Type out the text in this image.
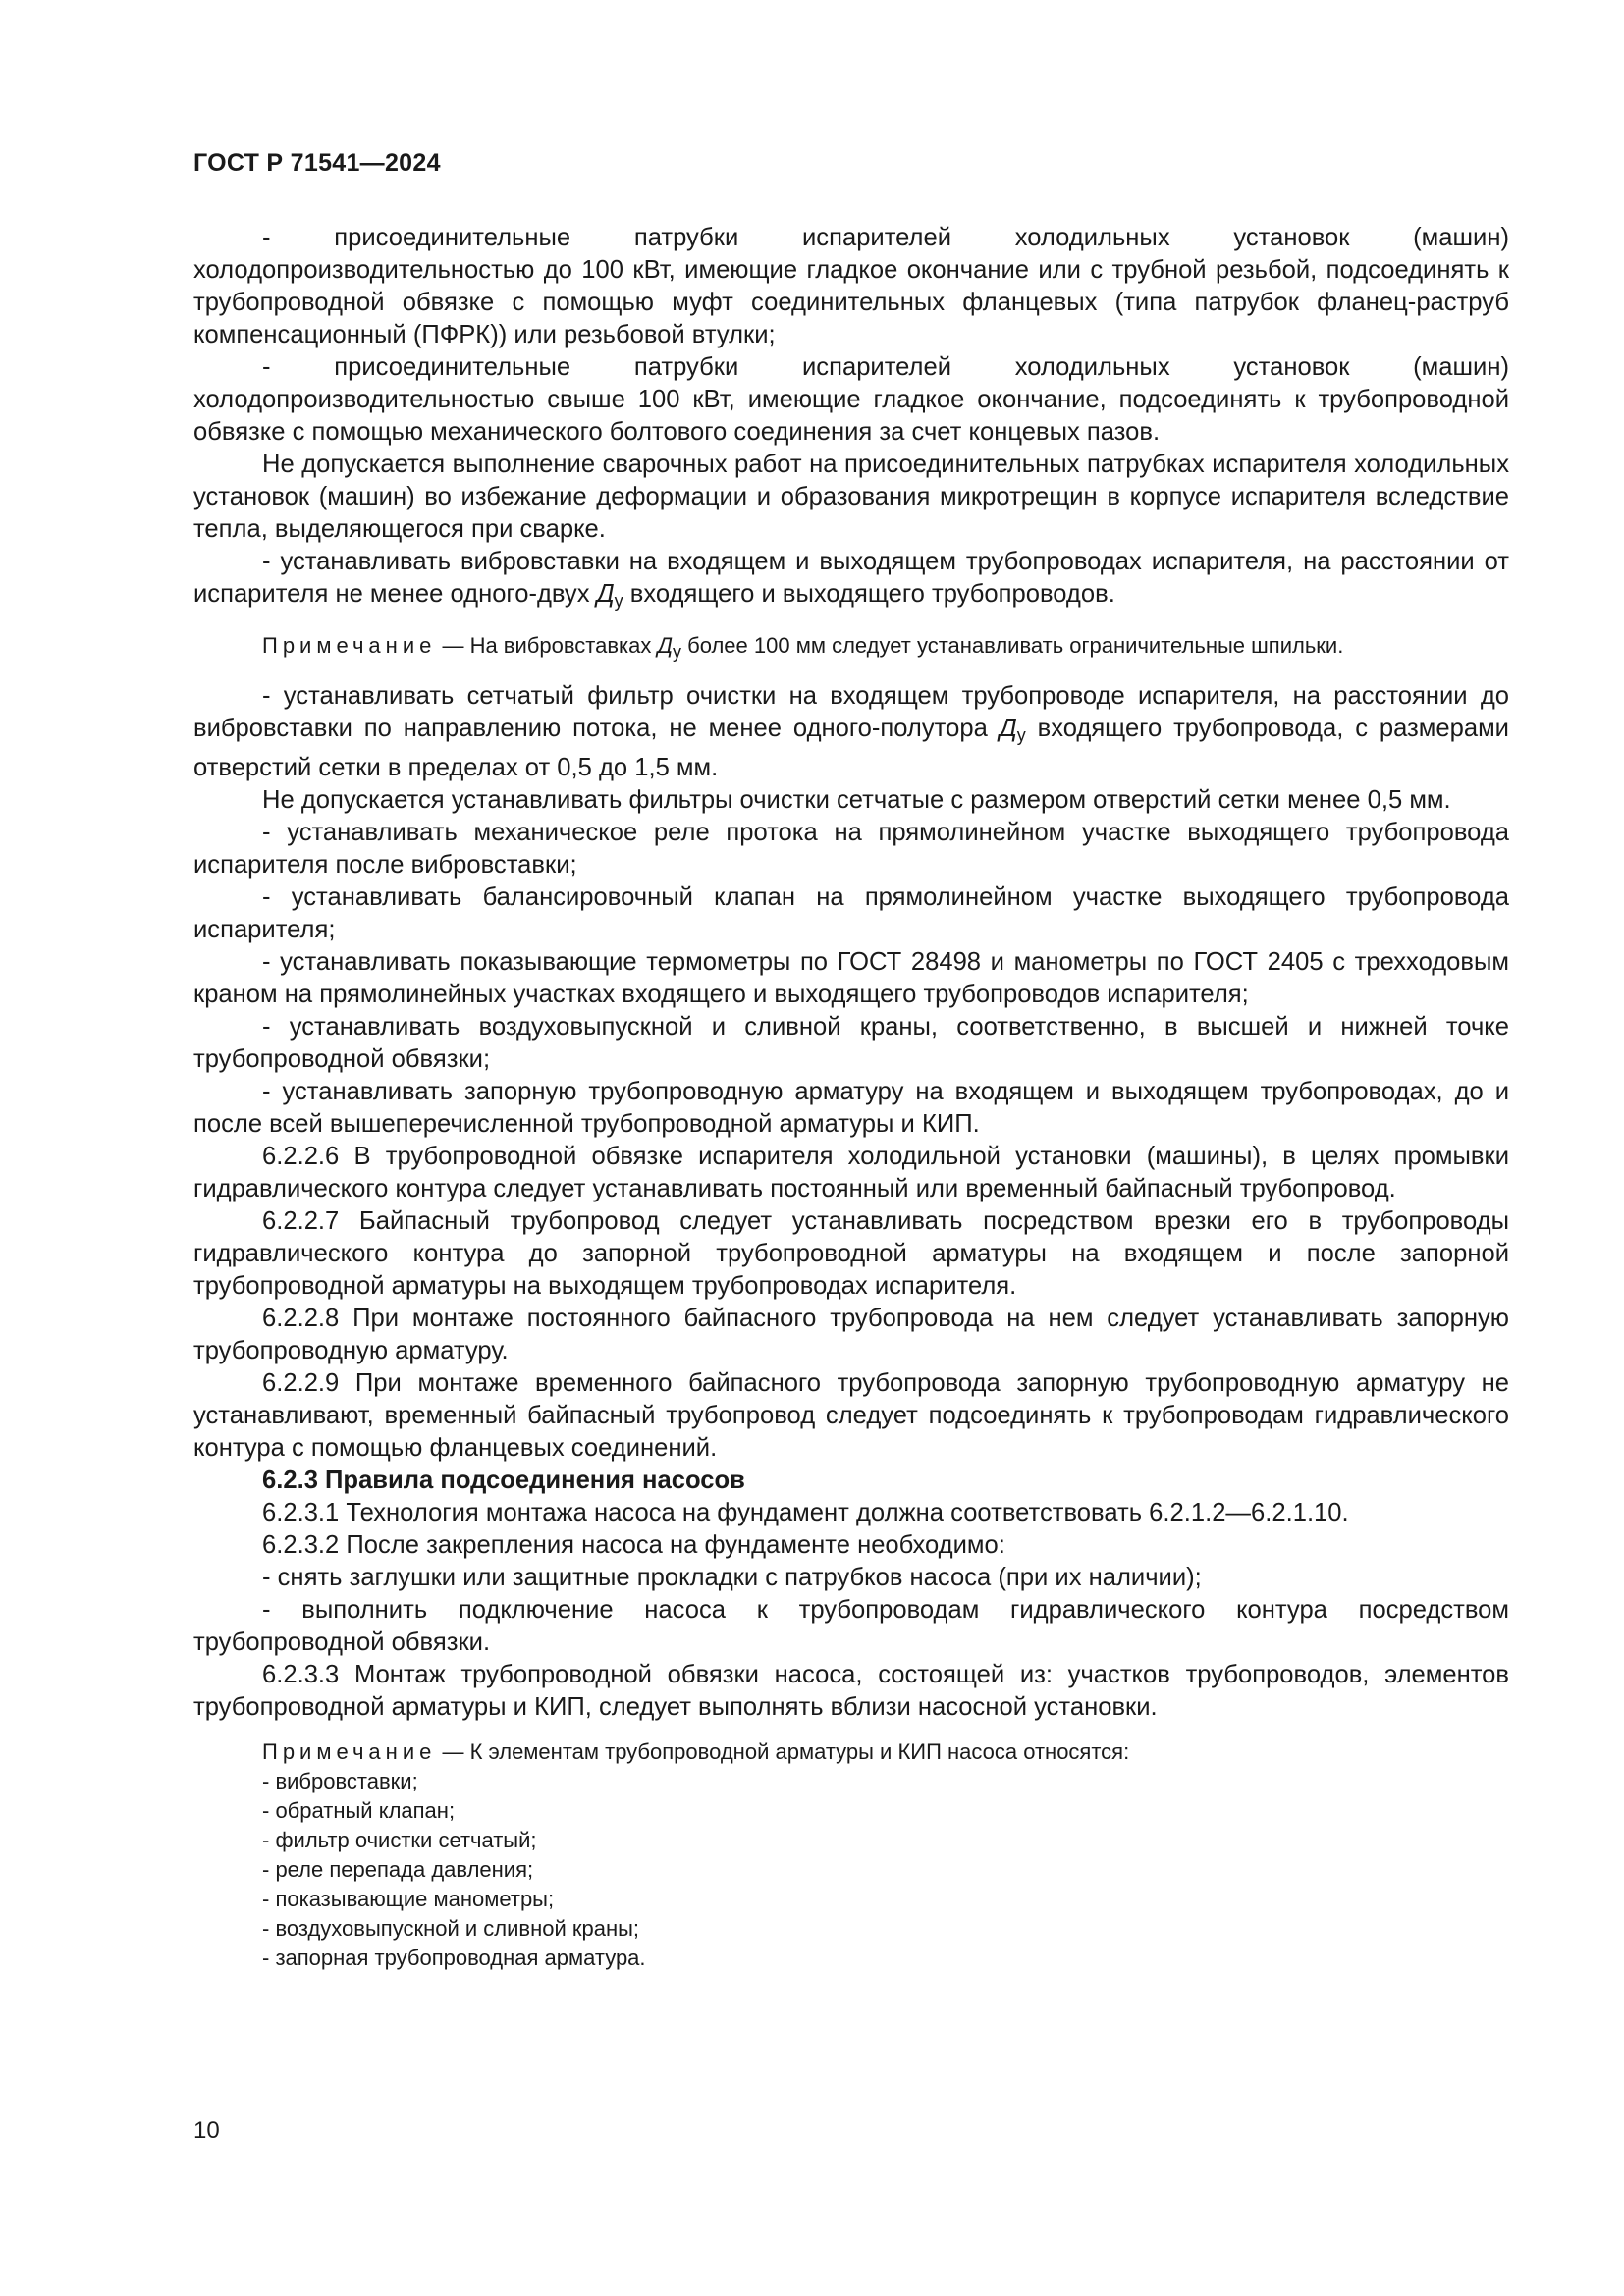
ГОСТ Р 71541—2024

- присоединительные патрубки испарителей холодильных установок (машин) холодопроизводительностью до 100 кВт, имеющие гладкое окончание или с трубной резьбой, подсоединять к трубопроводной обвязке с помощью муфт соединительных фланцевых (типа патрубок фланец-раструб компенсационный (ПФРК)) или резьбовой втулки;

- присоединительные патрубки испарителей холодильных установок (машин) холодопроизводительностью свыше 100 кВт, имеющие гладкое окончание, подсоединять к трубопроводной обвязке с помощью механического болтового соединения за счет концевых пазов.

Не допускается выполнение сварочных работ на присоединительных патрубках испарителя холодильных установок (машин) во избежание деформации и образования микротрещин в корпусе испарителя вследствие тепла, выделяющегося при сварке.

- устанавливать вибровставки на входящем и выходящем трубопроводах испарителя, на расстоянии от испарителя не менее одного-двух $Д_у$ входящего и выходящего трубопроводов.

Примечание — На вибровставках $Д_у$ более 100 мм следует устанавливать ограничительные шпильки.

- устанавливать сетчатый фильтр очистки на входящем трубопроводе испарителя, на расстоянии до вибровставки по направлению потока, не менее одного-полутора $Д_у$ входящего трубопровода, с размерами отверстий сетки в пределах от 0,5 до 1,5 мм.

Не допускается устанавливать фильтры очистки сетчатые с размером отверстий сетки менее 0,5 мм.

- устанавливать механическое реле протока на прямолинейном участке выходящего трубопровода испарителя после вибровставки;

- устанавливать балансировочный клапан на прямолинейном участке выходящего трубопровода испарителя;

- устанавливать показывающие термометры по ГОСТ 28498 и манометры по ГОСТ 2405 с трехходовым краном на прямолинейных участках входящего и выходящего трубопроводов испарителя;

- устанавливать воздуховыпускной и сливной краны, соответственно, в высшей и нижней точке трубопроводной обвязки;

- устанавливать запорную трубопроводную арматуру на входящем и выходящем трубопроводах, до и после всей вышеперечисленной трубопроводной арматуры и КИП.

6.2.2.6 В трубопроводной обвязке испарителя холодильной установки (машины), в целях промывки гидравлического контура следует устанавливать постоянный или временный байпасный трубопровод.

6.2.2.7 Байпасный трубопровод следует устанавливать посредством врезки его в трубопроводы гидравлического контура до запорной трубопроводной арматуры на входящем и после запорной трубопроводной арматуры на выходящем трубопроводах испарителя.

6.2.2.8 При монтаже постоянного байпасного трубопровода на нем следует устанавливать запорную трубопроводную арматуру.

6.2.2.9 При монтаже временного байпасного трубопровода запорную трубопроводную арматуру не устанавливают, временный байпасный трубопровод следует подсоединять к трубопроводам гидравлического контура с помощью фланцевых соединений.

6.2.3 Правила подсоединения насосов

6.2.3.1 Технология монтажа насоса на фундамент должна соответствовать 6.2.1.2—6.2.1.10.

6.2.3.2 После закрепления насоса на фундаменте необходимо:

- снять заглушки или защитные прокладки с патрубков насоса (при их наличии);

- выполнить подключение насоса к трубопроводам гидравлического контура посредством трубопроводной обвязки.

6.2.3.3 Монтаж трубопроводной обвязки насоса, состоящей из: участков трубопроводов, элементов трубопроводной арматуры и КИП, следует выполнять вблизи насосной установки.

Примечание — К элементам трубопроводной арматуры и КИП насоса относятся:
- вибровставки;
- обратный клапан;
- фильтр очистки сетчатый;
- реле перепада давления;
- показывающие манометры;
- воздуховыпускной и сливной краны;
- запорная трубопроводная арматура.
10
